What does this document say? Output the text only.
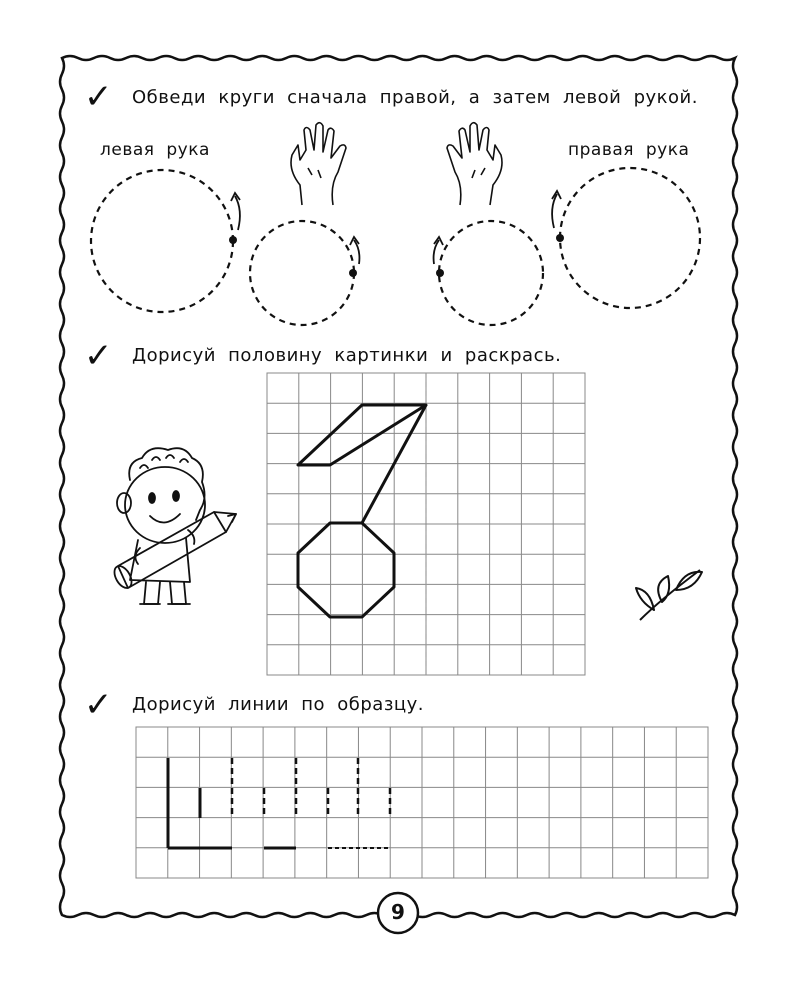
✓ Обведи круги сначала правой, а затем левой рукой.
левая рука	правая рука
✓ Дорисуй половину картинки и раскрась.
✓ Дорисуй линии по образцу.
9
